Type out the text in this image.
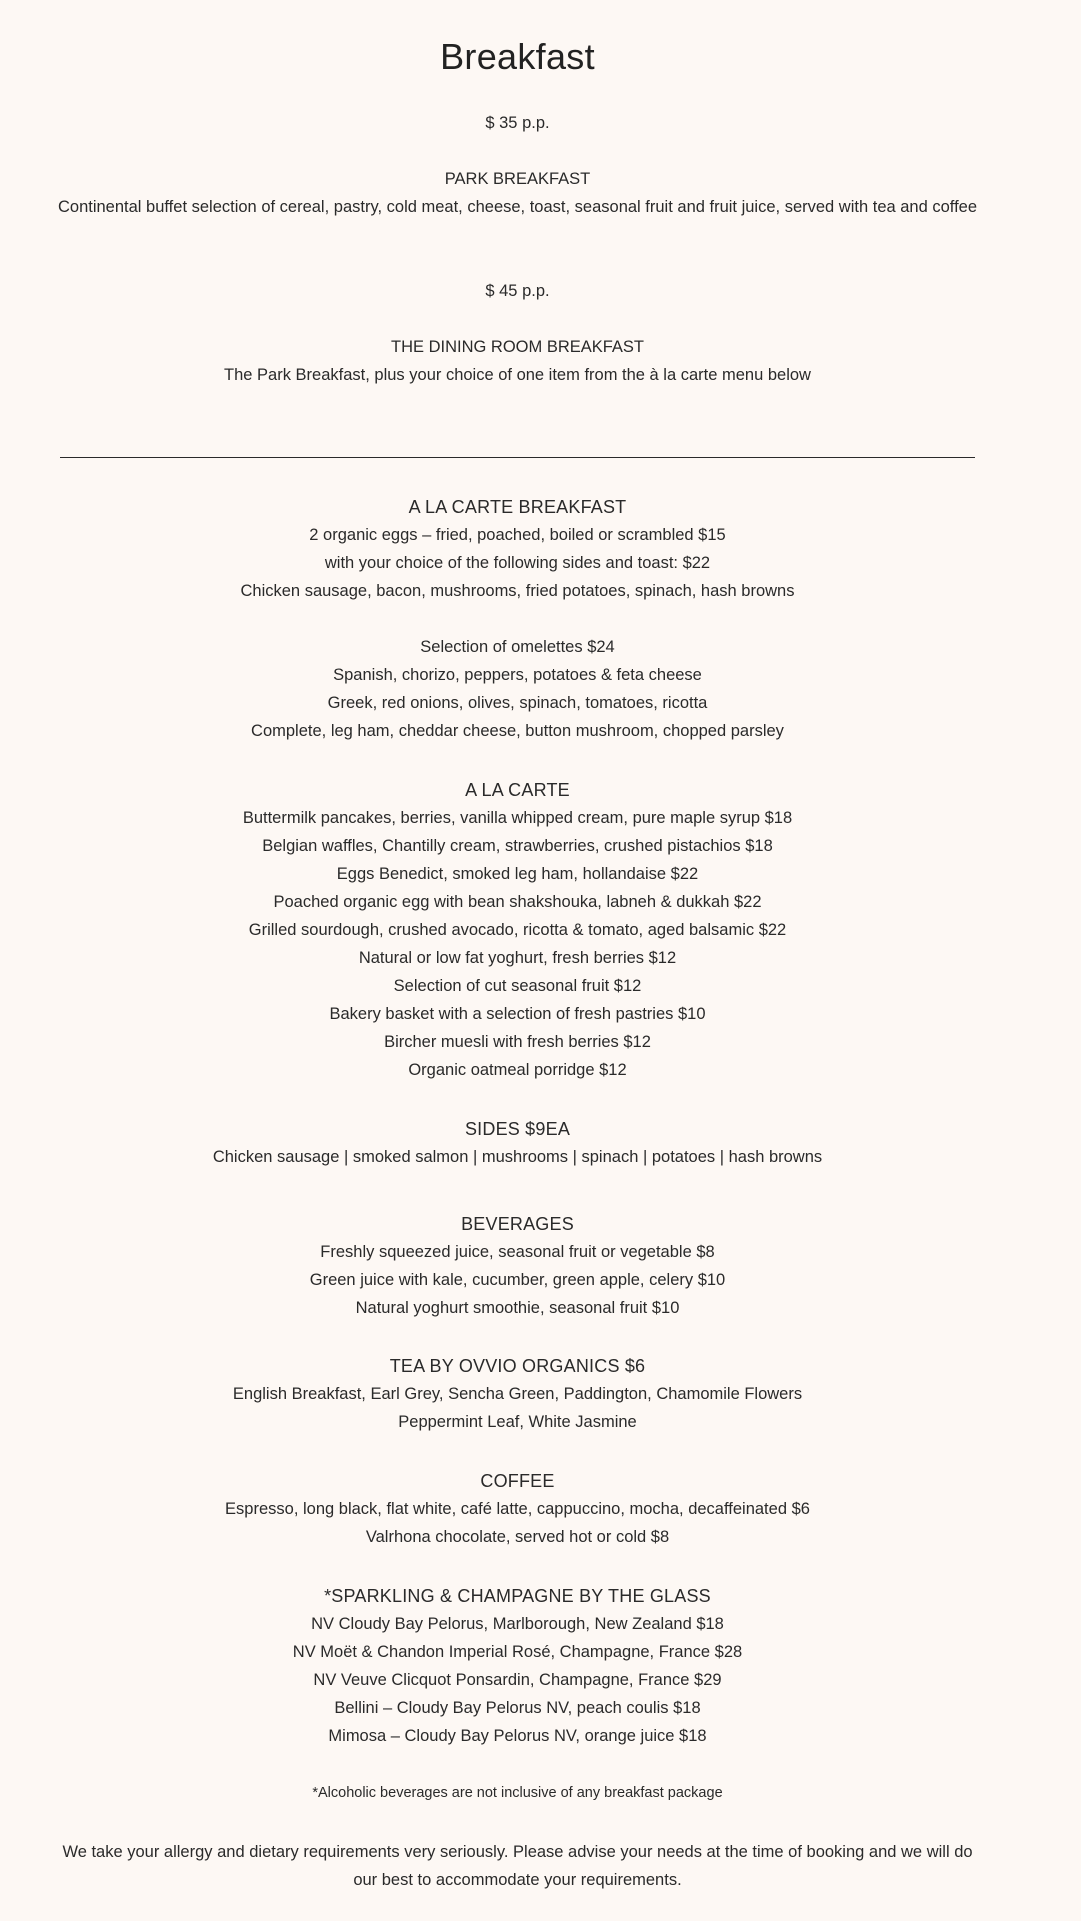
Breakfast
$ 35 p.p.
PARK BREAKFAST
Continental buffet selection of cereal, pastry, cold meat, cheese, toast, seasonal fruit and fruit juice, served with tea and coffee
$ 45 p.p.
THE DINING ROOM BREAKFAST
The Park Breakfast, plus your choice of one item from the à la carte menu below
A LA CARTE BREAKFAST
2 organic eggs – fried, poached, boiled or scrambled $15
with your choice of the following sides and toast: $22
Chicken sausage, bacon, mushrooms, fried potatoes, spinach, hash browns
Selection of omelettes $24
Spanish, chorizo, peppers, potatoes & feta cheese
Greek, red onions, olives, spinach, tomatoes, ricotta
Complete, leg ham, cheddar cheese, button mushroom, chopped parsley
A LA CARTE
Buttermilk pancakes, berries, vanilla whipped cream, pure maple syrup $18
Belgian waffles, Chantilly cream, strawberries, crushed pistachios $18
Eggs Benedict, smoked leg ham, hollandaise $22
Poached organic egg with bean shakshouka, labneh & dukkah $22
Grilled sourdough, crushed avocado, ricotta & tomato, aged balsamic $22
Natural or low fat yoghurt, fresh berries $12
Selection of cut seasonal fruit $12
Bakery basket with a selection of fresh pastries $10
Bircher muesli with fresh berries $12
Organic oatmeal porridge $12
SIDES $9EA
Chicken sausage | smoked salmon | mushrooms | spinach | potatoes | hash browns
BEVERAGES
Freshly squeezed juice, seasonal fruit or vegetable $8
Green juice with kale, cucumber, green apple, celery $10
Natural yoghurt smoothie, seasonal fruit $10
TEA BY OVVIO ORGANICS $6
English Breakfast, Earl Grey, Sencha Green, Paddington, Chamomile Flowers
Peppermint Leaf, White Jasmine
COFFEE
Espresso, long black, flat white, café latte, cappuccino, mocha, decaffeinated $6
Valrhona chocolate, served hot or cold $8
*SPARKLING & CHAMPAGNE BY THE GLASS
NV Cloudy Bay Pelorus, Marlborough, New Zealand $18
NV Moët & Chandon Imperial Rosé, Champagne, France $28
NV Veuve Clicquot Ponsardin, Champagne, France $29
Bellini – Cloudy Bay Pelorus NV, peach coulis $18
Mimosa – Cloudy Bay Pelorus NV, orange juice $18
*Alcoholic beverages are not inclusive of any breakfast package
We take your allergy and dietary requirements very seriously. Please advise your needs at the time of booking and we will do our best to accommodate your requirements.
